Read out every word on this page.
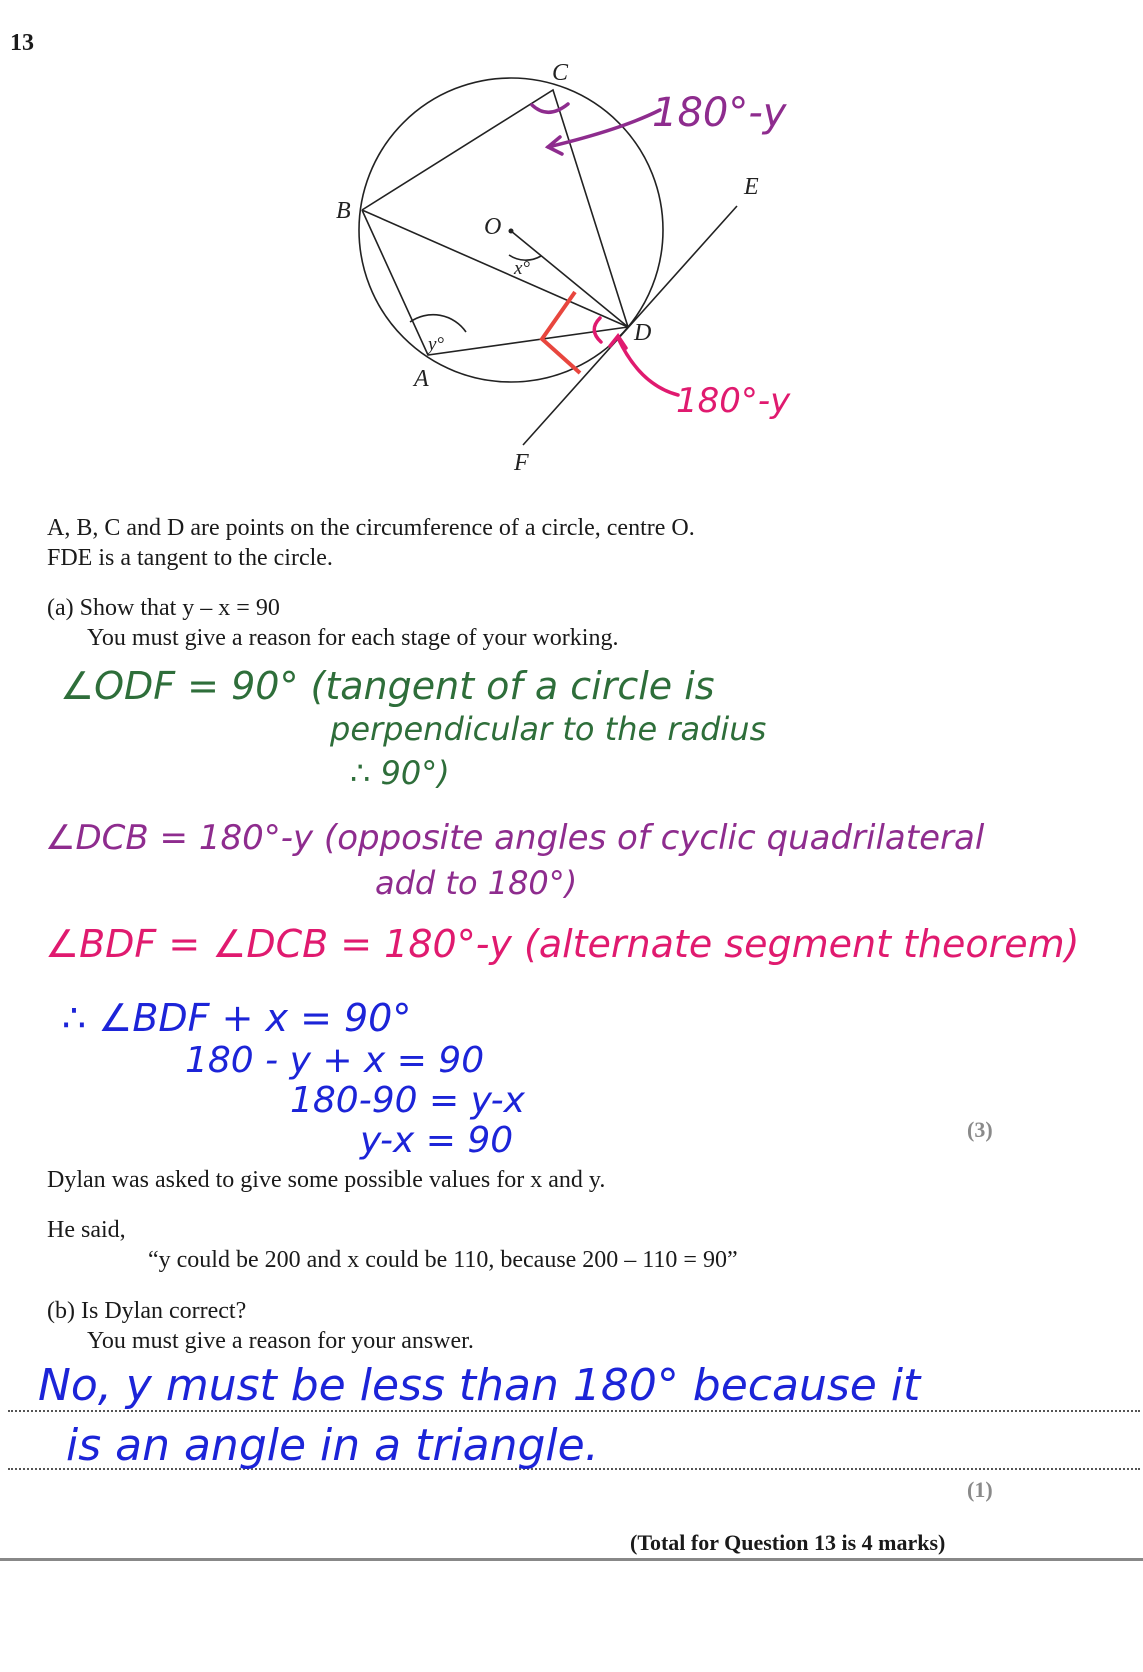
13
180°-y
180°-y
C
B
E
O
D
A
F
x°
y°
A, B, C and D are points on the circumference of a circle, centre O.
FDE is a tangent to the circle.
(a) Show that y – x = 90
You must give a reason for each stage of your working.
∠ODF = 90° (tangent of a circle is
perpendicular to the radius
∴ 90°)
∠DCB = 180°-y (opposite angles of cyclic quadrilateral
add to 180°)
∠BDF = ∠DCB = 180°-y (alternate segment theorem)
∴ ∠BDF + x = 90°
180 - y + x = 90
180-90 = y-x
y-x = 90	(3)
Dylan was asked to give some possible values for x and y.
He said,
“y could be 200 and x could be 110, because 200 – 110 = 90”
(b) Is Dylan correct?
You must give a reason for your answer.
No, y must be less than 180° because it
is an angle in a triangle.
(1)
(Total for Question 13 is 4 marks)
